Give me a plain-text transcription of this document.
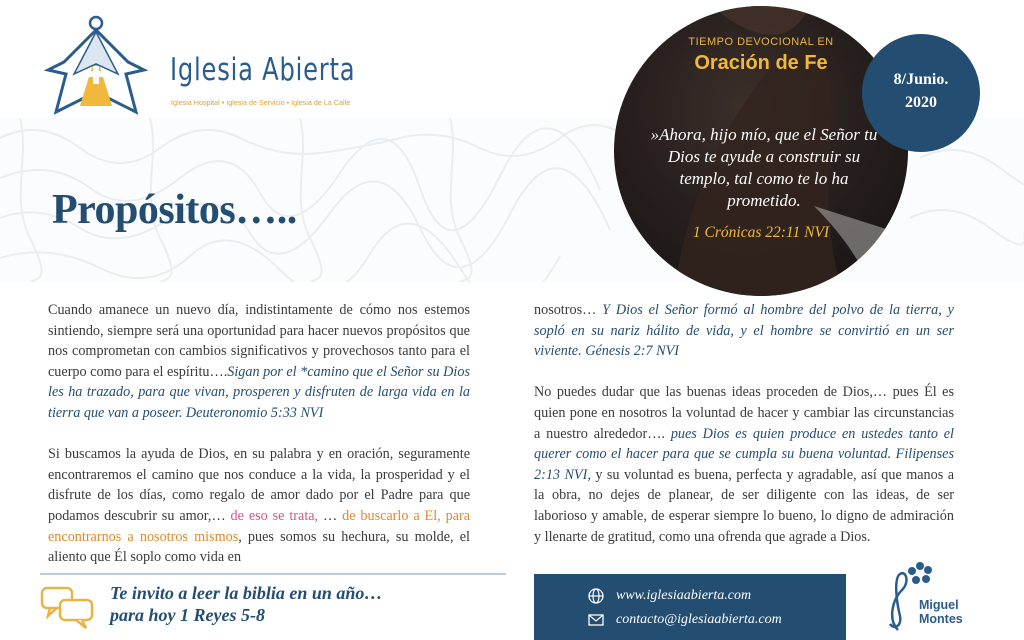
Iglesia Abierta
Iglesia Hospital • Iglesia de Servicio • Iglesia de La Calle
Propósitos…..
TIEMPO DEVOCIONAL EN
Oración de Fe
»Ahora, hijo mío, que el Señor tu Dios te ayude a construir su templo, tal como te lo ha prometido.
1 Crónicas 22:11 NVI
8/Junio.
2020

Cuando amanece un nuevo día, indistintamente de cómo nos estemos sintiendo, siempre será una oportunidad para hacer nuevos propósitos que nos comprometan con cambios significativos y provechosos tanto para el cuerpo como para el espíritu….Sigan por el *camino que el Señor su Dios les ha trazado, para que vivan, prosperen y disfruten de larga vida en la tierra que van a poseer. Deuteronomio 5:33 NVI

Si buscamos la ayuda de Dios, en su palabra y en oración, seguramente encontraremos el camino que nos conduce a la vida, la prosperidad y el disfrute de los días, como regalo de amor dado por el Padre para que podamos descubrir su amor,… de eso se trata, … de buscarlo a El, para encontrarnos a nosotros mismos, pues somos su hechura, su molde, el aliento que Él soplo como vida en

nosotros… Y Dios el Señor formó al hombre del polvo de la tierra, y sopló en su nariz hálito de vida, y el hombre se convirtió en un ser viviente. Génesis 2:7 NVI

No puedes dudar que las buenas ideas proceden de Dios,… pues Él es quien pone en nosotros la voluntad de hacer y cambiar las circunstancias a nuestro alrededor…. pues Dios es quien produce en ustedes tanto el querer como el hacer para que se cumpla su buena voluntad. Filipenses 2:13 NVI, y su voluntad es buena, perfecta y agradable, así que manos a la obra, no dejes de planear, de ser diligente con las ideas, de ser laborioso y amable, de esperar siempre lo bueno, lo digno de admiración y llenarte de gratitud, como una ofrenda que agrade a Dios.

Te invito a leer la biblia en un año…
para hoy 1 Reyes 5-8
www.iglesiaabierta.com
contacto@iglesiaabierta.com
Miguel
Montes
